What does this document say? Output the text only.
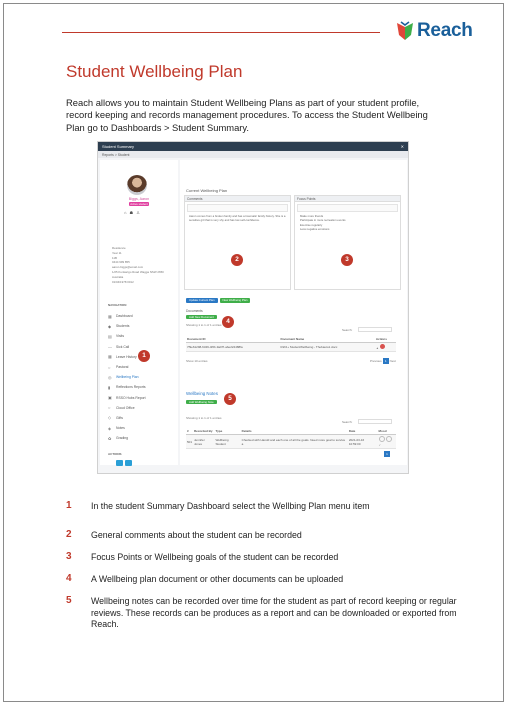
Reach
Student Wellbeing Plan

Reach allows you to maintain Student Wellbeing Plans as part of your student profile, record keeping and records management procedures. To access the Student Wellbeing Plan go to Dashboards > Student Summary.

Student Summary	✕
Reports > Student
Biggs, Aaron
Active student
⌂ ☗ ♙
Residence
Year 11
11B
0444 999 855
aaron.biggs@email.com
1/25 Kunkarigo Road Wagga NSW 2650
Australia
01/04/1978 0012
NAVIGATION
▦	Dashboard
◆	Students
▤	Visits
— Sick Call
▦	Leave History
○	Pastoral
◎	Wellbeing Plan
▮	Reflections Reports
▣	RSSO Hubs Report
○	Cloud Office
◇	Gifts
◈	Notes
✿	Grading
ACTIONS
Current Wellbeing Plan
Comments
Aaron comes from a broken family and has a traumatic family history. She is a sensitive girl that is very shy and has low self-confidence.
Focus Points
Make more friends
Participate in more recreation events
Exercise regularly
Less negative emotions
Update Current Plan	New Wellbeing Plan
Documents
Add New Document
Showing 1 to 1 of 1 entries
Search:
Document ID	Document Name	Actions
7f9e61298-6349-4f6b-9a0f7-abe224488fa	R2Cl+ StudentWellbeing - Thebauto1.docx	▲
Show 10 entries	Previous	1	Next
Wellbeing Notes
Add Wellbeing Note
Showing 1 to 1 of 1 entries
Search:
#	Recorded By	Type	Details	Date	Mood
501	Jennifer Jones	Wellbeing Student	Checked with Harold and each one of all the goals. Need more goal to survive a	2021-03-16 10:59:00	✓
1
1
2	3
4
5
1 In the student Summary Dashboard select the Wellbing Plan menu item
2 General comments about the student can be recorded
3 Focus Points or Wellbeing goals of the student can be recorded
4 A Wellbeing plan document or other documents can be uploaded
5 Wellbeing notes can be recorded over time for the student as part of record keeping or regular reviews. These records can be produces as a report and can be downloaded or exported from Reach.
